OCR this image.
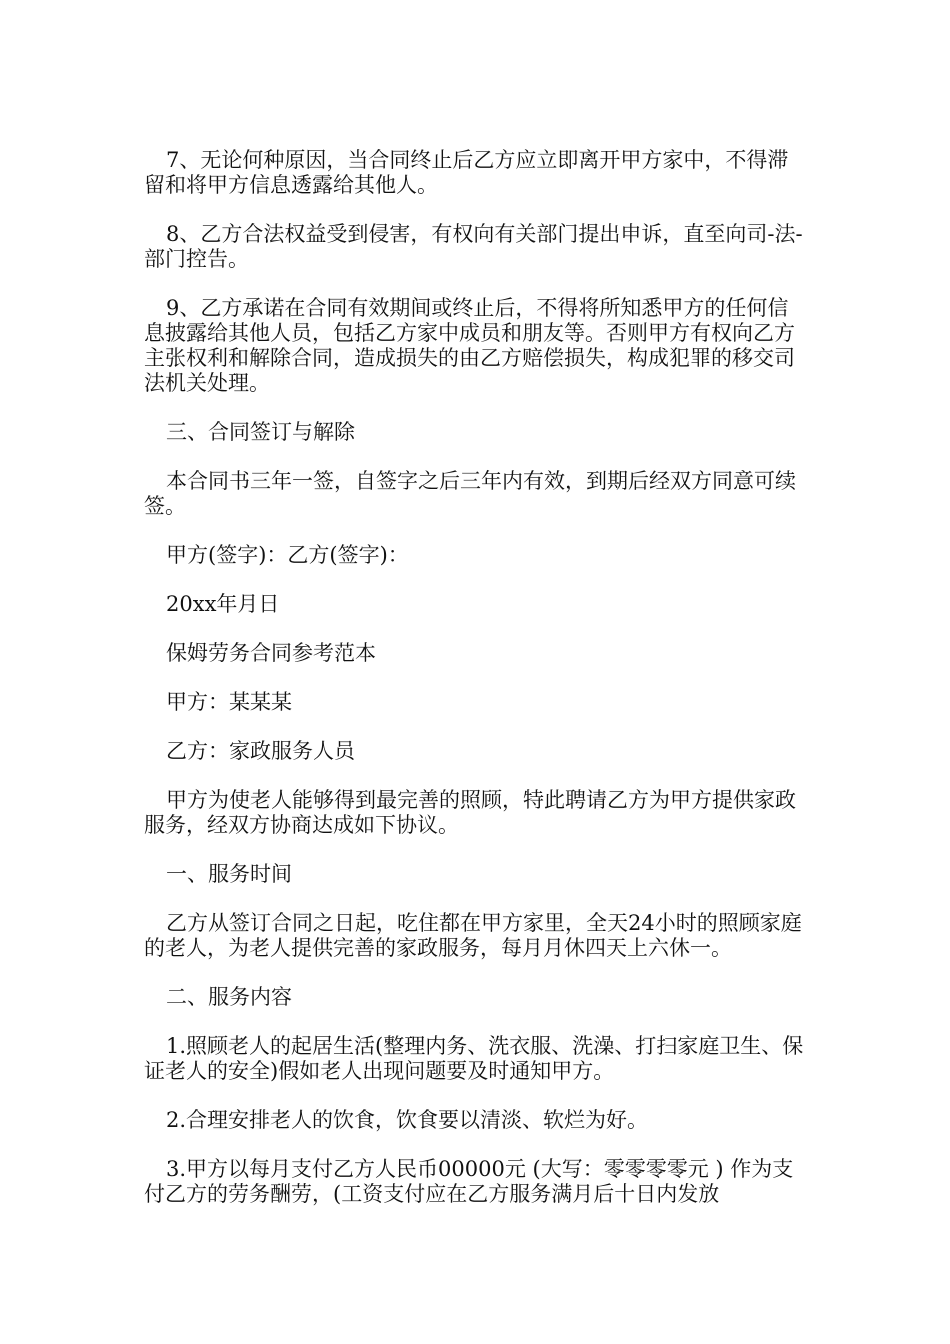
7、无论何种原因，当合同终止后乙方应立即离开甲方家中，不得滞留和将甲方信息透露给其他人。

8、乙方合法权益受到侵害，有权向有关部门提出申诉，直至向司-法-部门控告。

9、乙方承诺在合同有效期间或终止后，不得将所知悉甲方的任何信息披露给其他人员，包括乙方家中成员和朋友等。否则甲方有权向乙方主张权利和解除合同，造成损失的由乙方赔偿损失，构成犯罪的移交司法机关处理。

三、合同签订与解除

本合同书三年一签，自签字之后三年内有效，到期后经双方同意可续签。

甲方(签字)：乙方(签字)：

20xx年月日

保姆劳务合同参考范本

甲方：某某某

乙方：家政服务人员

甲方为使老人能够得到最完善的照顾，特此聘请乙方为甲方提供家政服务，经双方协商达成如下协议。

一、服务时间

乙方从签订合同之日起，吃住都在甲方家里，全天24小时的照顾家庭的老人，为老人提供完善的家政服务，每月月休四天上六休一。

二、服务内容

1.照顾老人的起居生活(整理内务、洗衣服、洗澡、打扫家庭卫生、保证老人的安全)假如老人出现问题要及时通知甲方。

2.合理安排老人的饮食，饮食要以清淡、软烂为好。

3.甲方以每月支付乙方人民币00000元 (大写：零零零零元 ) 作为支付乙方的劳务酬劳，(工资支付应在乙方服务满月后十日内发放
